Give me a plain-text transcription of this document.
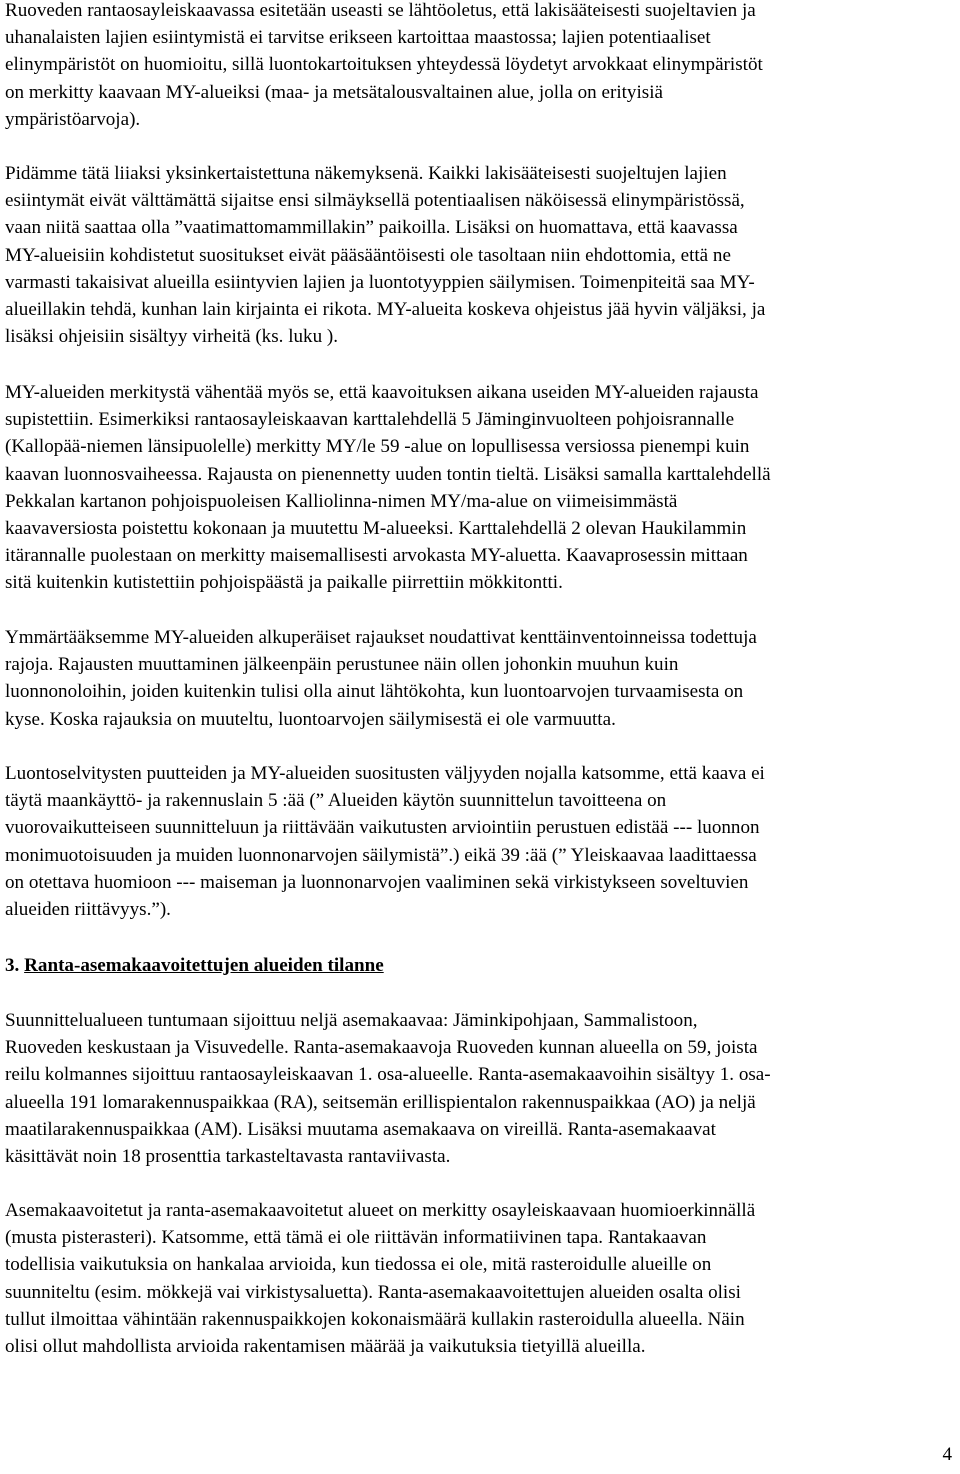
Ruoveden rantaosayleiskaavassa esitetään useasti se lähtöoletus, että lakisääteisesti suojeltavien ja
uhanalaisten lajien esiintymistä ei tarvitse erikseen kartoittaa maastossa; lajien potentiaaliset
elinympäristöt on huomioitu, sillä luontokartoituksen yhteydessä löydetyt arvokkaat elinympäristöt
on merkitty kaavaan MY-alueiksi (maa- ja metsätalousvaltainen alue, jolla on erityisiä
ympäristöarvoja).

Pidämme tätä liiaksi yksinkertaistettuna näkemyksenä. Kaikki lakisääteisesti suojeltujen lajien
esiintymät eivät välttämättä sijaitse ensi silmäyksellä potentiaalisen näköisessä elinympäristössä,
vaan niitä saattaa olla ”vaatimattomammillakin” paikoilla. Lisäksi on huomattava, että kaavassa
MY-alueisiin kohdistetut suositukset eivät pääsääntöisesti ole tasoltaan niin ehdottomia, että ne
varmasti takaisivat alueilla esiintyvien lajien ja luontotyyppien säilymisen. Toimenpiteitä saa MY-
alueillakin tehdä, kunhan lain kirjainta ei rikota. MY-alueita koskeva ohjeistus jää hyvin väljäksi, ja
lisäksi ohjeisiin sisältyy virheitä (ks. luku ).

MY-alueiden merkitystä vähentää myös se, että kaavoituksen aikana useiden MY-alueiden rajausta
supistettiin. Esimerkiksi rantaosayleiskaavan karttalehdellä 5 Jäminginvuolteen pohjoisrannalle
(Kallopää-niemen länsipuolelle) merkitty MY/le 59 -alue on lopullisessa versiossa pienempi kuin
kaavan luonnosvaiheessa. Rajausta on pienennetty uuden tontin tieltä. Lisäksi samalla karttalehdellä
Pekkalan kartanon pohjoispuoleisen Kalliolinna-nimen MY/ma-alue on viimeisimmästä
kaavaversiosta poistettu kokonaan ja muutettu M-alueeksi. Karttalehdellä 2 olevan Haukilammin
itärannalle puolestaan on merkitty maisemallisesti arvokasta MY-aluetta. Kaavaprosessin mittaan
sitä kuitenkin kutistettiin pohjoispäästä ja paikalle piirrettiin mökkitontti.

Ymmärtääksemme MY-alueiden alkuperäiset rajaukset noudattivat kenttäinventoinneissa todettuja
rajoja. Rajausten muuttaminen jälkeenpäin perustunee näin ollen johonkin muuhun kuin
luonnonoloihin, joiden kuitenkin tulisi olla ainut lähtökohta, kun luontoarvojen turvaamisesta on
kyse. Koska rajauksia on muuteltu, luontoarvojen säilymisestä ei ole varmuutta.

Luontoselvitysten puutteiden ja MY-alueiden suositusten väljyyden nojalla katsomme, että kaava ei
täytä maankäyttö- ja rakennuslain 5 :ää (” Alueiden käytön suunnittelun tavoitteena on
vuorovaikutteiseen suunnitteluun ja riittävään vaikutusten arviointiin perustuen edistää --- luonnon
monimuotoisuuden ja muiden luonnonarvojen säilymistä”.) eikä 39 :ää (” Yleiskaavaa laadittaessa
on otettava huomioon --- maiseman ja luonnonarvojen vaaliminen sekä virkistykseen soveltuvien
alueiden riittävyys.”).

3. Ranta-asemakaavoitettujen alueiden tilanne

Suunnittelualueen tuntumaan sijoittuu neljä asemakaavaa: Jäminkipohjaan, Sammalistoon,
Ruoveden keskustaan ja Visuvedelle. Ranta-asemakaavoja Ruoveden kunnan alueella on 59, joista
reilu kolmannes sijoittuu rantaosayleiskaavan 1. osa-alueelle. Ranta-asemakaavoihin sisältyy 1. osa-
alueella 191 lomarakennuspaikkaa (RA), seitsemän erillispientalon rakennuspaikkaa (AO) ja neljä
maatilarakennuspaikkaa (AM). Lisäksi muutama asemakaava on vireillä. Ranta-asemakaavat
käsittävät noin 18 prosenttia tarkasteltavasta rantaviivasta.

Asemakaavoitetut ja ranta-asemakaavoitetut alueet on merkitty osayleiskaavaan huomioerkinnällä
(musta pisterasteri). Katsomme, että tämä ei ole riittävän informatiivinen tapa. Rantakaavan
todellisia vaikutuksia on hankalaa arvioida, kun tiedossa ei ole, mitä rasteroidulle alueille on
suunniteltu (esim. mökkejä vai virkistysaluetta). Ranta-asemakaavoitettujen alueiden osalta olisi
tullut ilmoittaa vähintään rakennuspaikkojen kokonaismäärä kullakin rasteroidulla alueella. Näin
olisi ollut mahdollista arvioida rakentamisen määrää ja vaikutuksia tietyillä alueilla.

4
